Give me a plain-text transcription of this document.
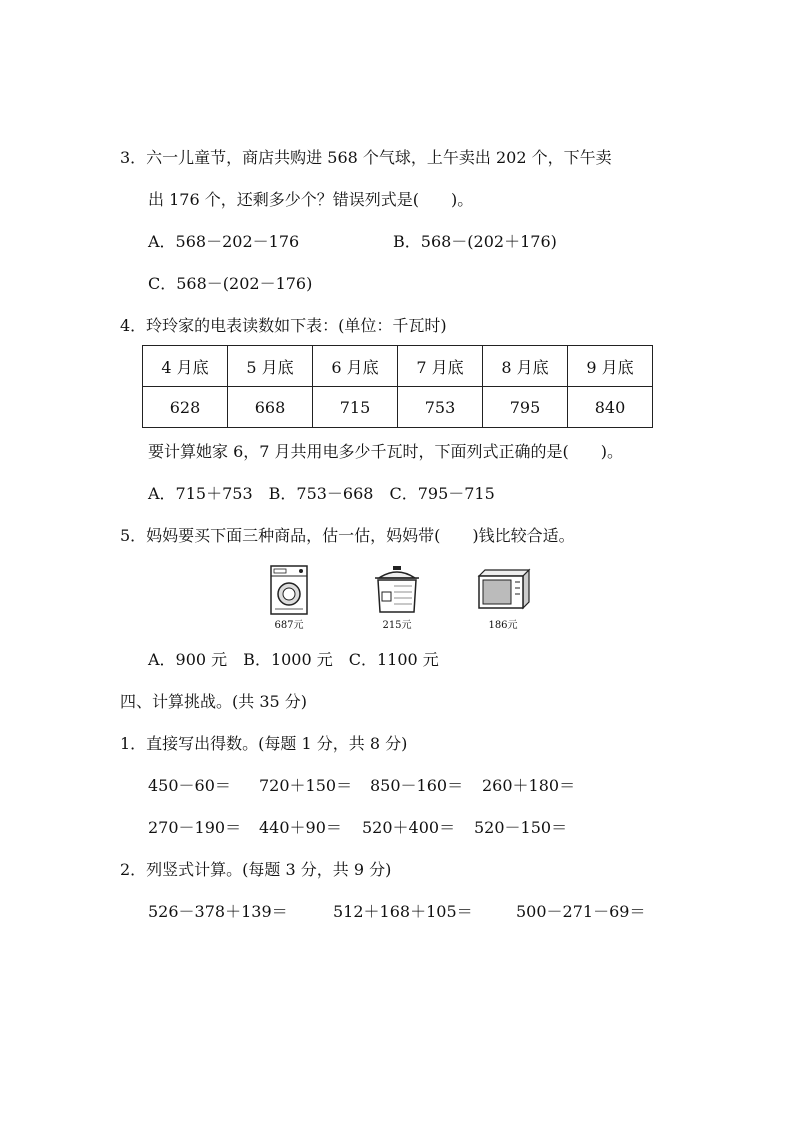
3．六一儿童节，商店共购进 568 个气球，上午卖出 202 个，下午卖
出 176 个，还剩多少个？错误列式是(　　)。
A．568－202－176	B．568－(202＋176)
C．568－(202－176)
4．玲玲家的电表读数如下表：(单位：千瓦时)
4 月底	5 月底	6 月底	7 月底	8 月底	9 月底
628	668	715	753	795	840
要计算她家 6，7 月共用电多少千瓦时，下面列式正确的是(　　)。
A．715＋753　B．753－668　C．795－715
5．妈妈要买下面三种商品，估一估，妈妈带(　　)钱比较合适。
687元	215元	186元
A．900 元　B．1000 元　C．1100 元
四、计算挑战。(共 35 分)
1．直接写出得数。(每题 1 分，共 8 分)
450－60＝ 720＋150＝ 850－160＝ 260＋180＝
270－190＝ 440＋90＝ 520＋400＝ 520－150＝
2．列竖式计算。(每题 3 分，共 9 分)
526－378＋139＝	512＋168＋105＝	500－271－69＝
